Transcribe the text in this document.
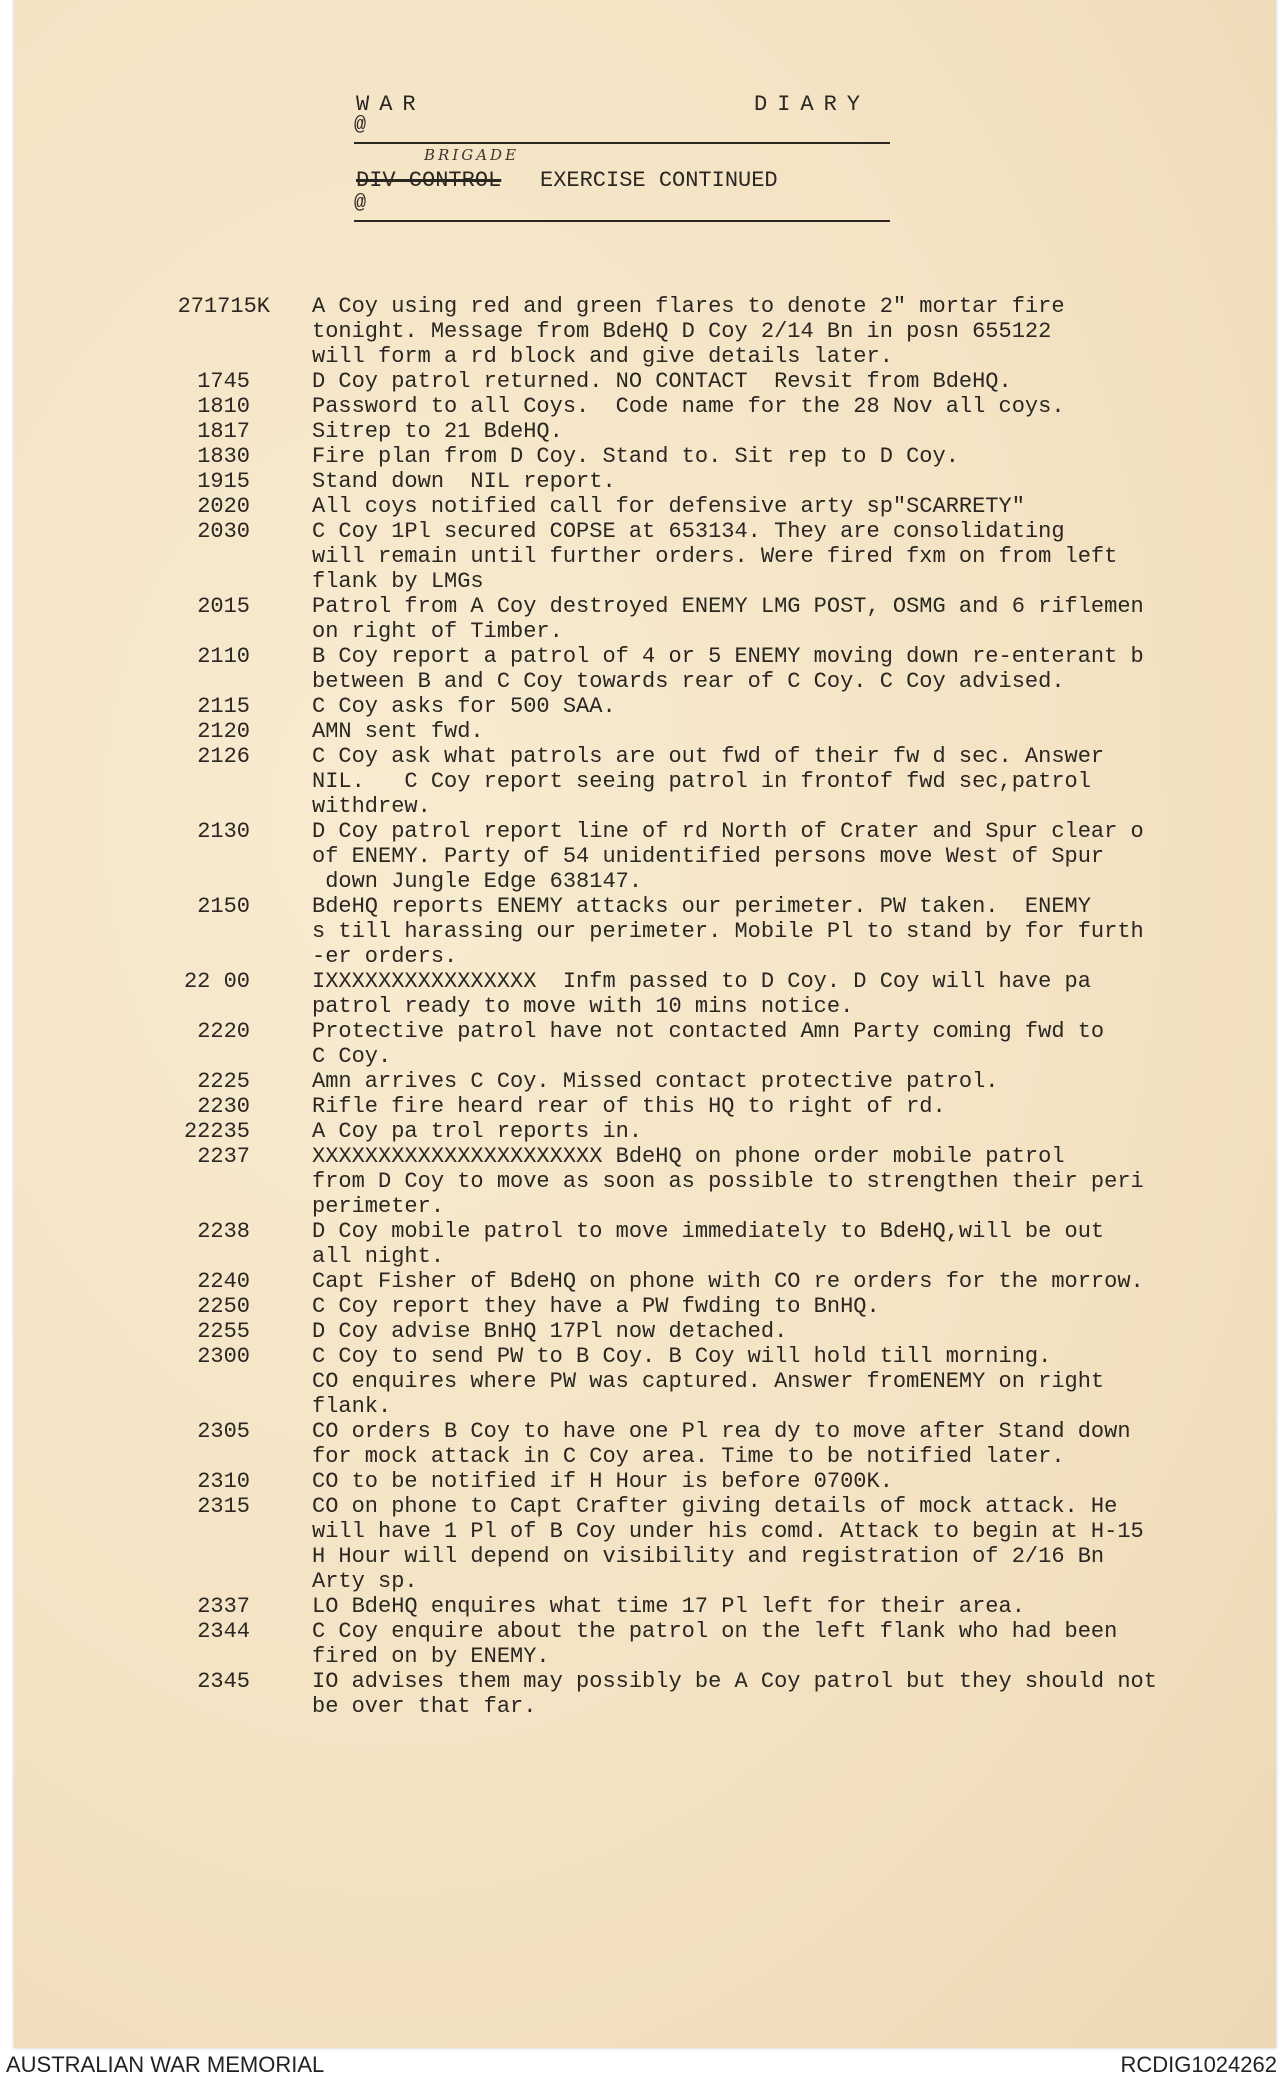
WAR	DIARY
@
BRIGADE
DIV CONTROL EXERCISE CONTINUED
@
271715K A Coy using red and green flares to denote 2" mortar fire
tonight. Message from BdeHQ D Coy 2/14 Bn in posn 655122
will form a rd block and give details later.
1745	D Coy patrol returned. NO CONTACT  Revsit from BdeHQ.
1810	Password to all Coys.  Code name for the 28 Nov all coys.
1817	Sitrep to 21 BdeHQ.
1830	Fire plan from D Coy. Stand to. Sit rep to D Coy.
1915	Stand down  NIL report.
2020	All coys notified call for defensive arty sp"SCARRETY"
2030	C Coy 1Pl secured COPSE at 653134. They are consolidating
will remain until further orders. Were fired fxm on from left
flank by LMGs
2015	Patrol from A Coy destroyed ENEMY LMG POST, OSMG and 6 riflemen
on right of Timber.
2110	B Coy report a patrol of 4 or 5 ENEMY moving down re-enterant b
between B and C Coy towards rear of C Coy. C Coy advised.
2115	C Coy asks for 500 SAA.
2120	AMN sent fwd.
2126	C Coy ask what patrols are out fwd of their fw d sec. Answer
NIL.   C Coy report seeing patrol in frontof fwd sec,patrol
withdrew.
2130	D Coy patrol report line of rd North of Crater and Spur clear o
of ENEMY. Party of 54 unidentified persons move West of Spur
down Jungle Edge 638147.
2150	BdeHQ reports ENEMY attacks our perimeter. PW taken.  ENEMY
s till harassing our perimeter. Mobile Pl to stand by for furth
-er orders.
22 00	IXXXXXXXXXXXXXXXX  Infm passed to D Coy. D Coy will have pa
patrol ready to move with 10 mins notice.
2220	Protective patrol have not contacted Amn Party coming fwd to
C Coy.
2225	Amn arrives C Coy. Missed contact protective patrol.
2230	Rifle fire heard rear of this HQ to right of rd.
22235	A Coy pa trol reports in.
2237	XXXXXXXXXXXXXXXXXXXXXX BdeHQ on phone order mobile patrol
from D Coy to move as soon as possible to strengthen their peri
perimeter.
2238	D Coy mobile patrol to move immediately to BdeHQ,will be out
all night.
2240	Capt Fisher of BdeHQ on phone with CO re orders for the morrow.
2250	C Coy report they have a PW fwding to BnHQ.
2255	D Coy advise BnHQ 17Pl now detached.
2300	C Coy to send PW to B Coy. B Coy will hold till morning.
CO enquires where PW was captured. Answer fromENEMY on right
flank.
2305	CO orders B Coy to have one Pl rea dy to move after Stand down
for mock attack in C Coy area. Time to be notified later.
2310	CO to be notified if H Hour is before 0700K.
2315	CO on phone to Capt Crafter giving details of mock attack. He
will have 1 Pl of B Coy under his comd. Attack to begin at H-15
H Hour will depend on visibility and registration of 2/16 Bn
Arty sp.
2337	LO BdeHQ enquires what time 17 Pl left for their area.
2344	C Coy enquire about the patrol on the left flank who had been
fired on by ENEMY.
2345	IO advises them may possibly be A Coy patrol but they should not
be over that far.
AUSTRALIAN WAR MEMORIAL	RCDIG1024262
